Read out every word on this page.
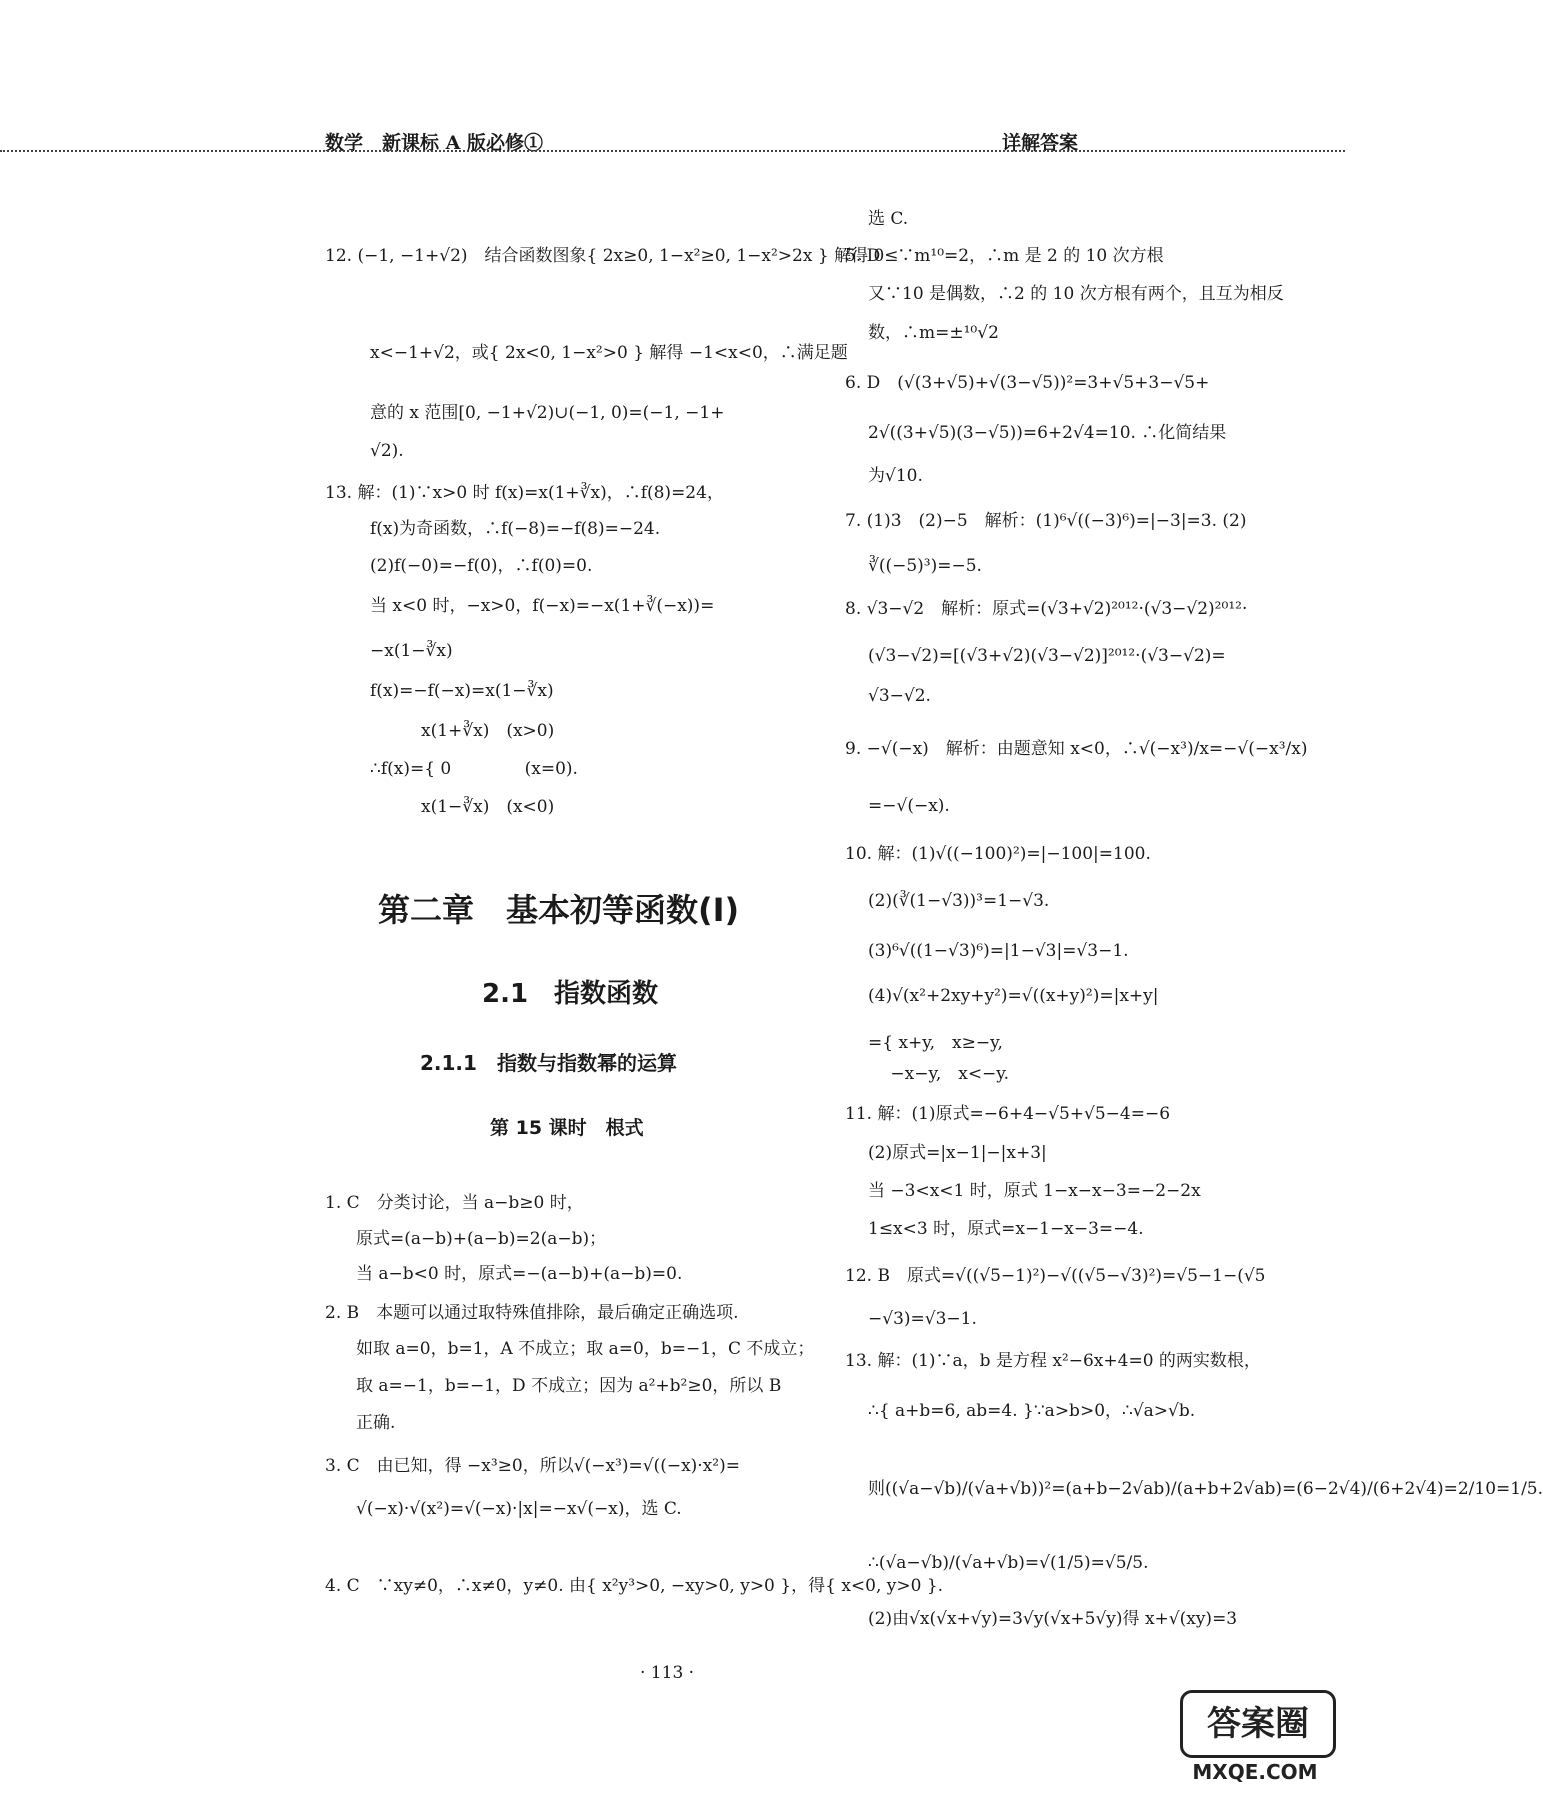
数学　新课标 A 版必修①	详解答案
12. (−1, −1+√2)　结合函数图象{ 2x≥0, 1−x²≥0, 1−x²>2x } 解得 0≤
x<−1+√2，或{ 2x<0, 1−x²>0 } 解得 −1<x<0，∴满足题
意的 x 范围[0, −1+√2)∪(−1, 0)=(−1, −1+
√2).
13. 解：(1)∵x>0 时 f(x)=x(1+∛x)，∴f(8)=24，
f(x)为奇函数，∴f(−8)=−f(8)=−24.
(2)f(−0)=−f(0)，∴f(0)=0.
当 x<0 时，−x>0，f(−x)=−x(1+∛(−x))=
−x(1−∛x)
f(x)=−f(−x)=x(1−∛x)
　　　x(1+∛x)　(x>0)
∴f(x)={ 0　　　　 (x=0).
　　　x(1−∛x)　(x<0)
第二章　基本初等函数(Ⅰ)
2.1　指数函数
2.1.1　指数与指数幂的运算
第 15 课时　根式
1. C　分类讨论，当 a−b≥0 时，
原式=(a−b)+(a−b)=2(a−b)；
当 a−b<0 时，原式=−(a−b)+(a−b)=0.
2. B　本题可以通过取特殊值排除，最后确定正确选项.
如取 a=0，b=1，A 不成立；取 a=0，b=−1，C 不成立；
取 a=−1，b=−1，D 不成立；因为 a²+b²≥0，所以 B
正确.
3. C　由已知，得 −x³≥0，所以√(−x³)=√((−x)·x²)=
√(−x)·√(x²)=√(−x)·|x|=−x√(−x)，选 C.
4. C　∵xy≠0，∴x≠0，y≠0. 由{ x²y³>0, −xy>0, y>0 }，得{ x<0, y>0 }.
选 C.
5. D　∵m¹⁰=2，∴m 是 2 的 10 次方根
又∵10 是偶数，∴2 的 10 次方根有两个，且互为相反
数，∴m=±¹⁰√2
6. D　(√(3+√5)+√(3−√5))²=3+√5+3−√5+
2√((3+√5)(3−√5))=6+2√4=10. ∴化简结果
为√10.
7. (1)3　(2)−5　解析：(1)⁶√((−3)⁶)=|−3|=3. (2)
∛((−5)³)=−5.
8. √3−√2　解析：原式=(√3+√2)²⁰¹²·(√3−√2)²⁰¹²·
(√3−√2)=[(√3+√2)(√3−√2)]²⁰¹²·(√3−√2)=
√3−√2.
9. −√(−x)　解析：由题意知 x<0，∴√(−x³)/x=−√(−x³/x)
=−√(−x).
10. 解：(1)√((−100)²)=|−100|=100.
(2)(∛(1−√3))³=1−√3.
(3)⁶√((1−√3)⁶)=|1−√3|=√3−1.
(4)√(x²+2xy+y²)=√((x+y)²)=|x+y|
={ x+y,　x≥−y,
　 −x−y,　x<−y.
11. 解：(1)原式=−6+4−√5+√5−4=−6
(2)原式=|x−1|−|x+3|
当 −3<x<1 时，原式 1−x−x−3=−2−2x
1≤x<3 时，原式=x−1−x−3=−4.
12. B　原式=√((√5−1)²)−√((√5−√3)²)=√5−1−(√5
−√3)=√3−1.
13. 解：(1)∵a，b 是方程 x²−6x+4=0 的两实数根，
∴{ a+b=6, ab=4. }∵a>b>0，∴√a>√b.
则((√a−√b)/(√a+√b))²=(a+b−2√ab)/(a+b+2√ab)=(6−2√4)/(6+2√4)=2/10=1/5.
∴(√a−√b)/(√a+√b)=√(1/5)=√5/5.
(2)由√x(√x+√y)=3√y(√x+5√y)得 x+√(xy)=3
· 113 ·
答案圈
MXQE.COM
